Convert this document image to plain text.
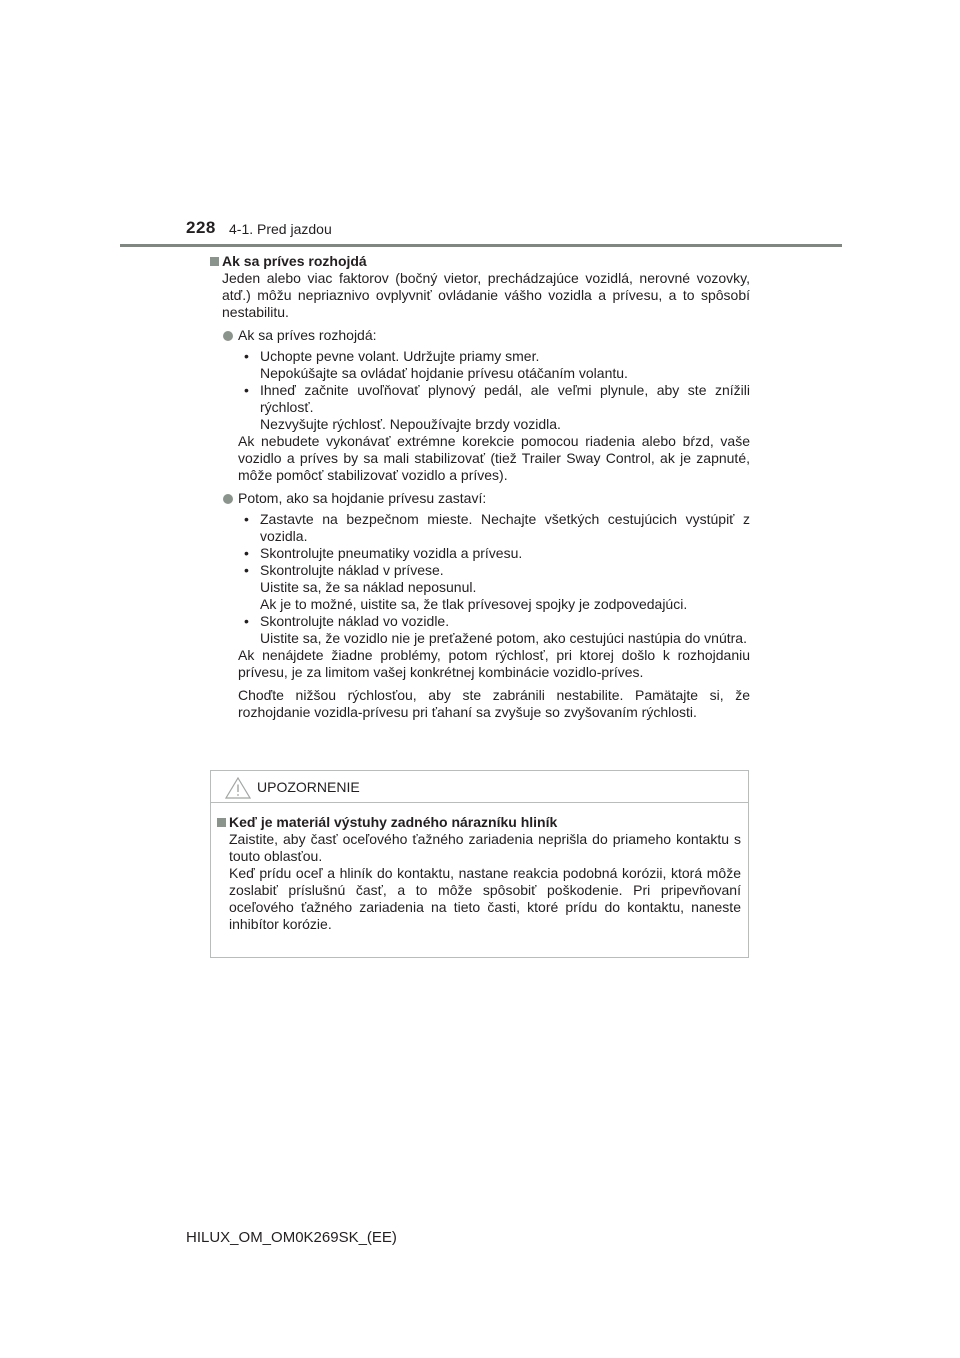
228 4-1. Pred jazdou
Ak sa príves rozhojdá
Jeden alebo viac faktorov (bočný vietor, prechádzajúce vozidlá, nerovné vozovky, atď.) môžu nepriaznivo ovplyvniť ovládanie vášho vozidla a prívesu, a to spôsobí nestabilitu.
Ak sa príves rozhojdá:
• Uchopte pevne volant. Udržujte priamy smer.
Nepokúšajte sa ovládať hojdanie prívesu otáčaním volantu.
• Ihneď začnite uvoľňovať plynový pedál, ale veľmi plynule, aby ste znížili rýchlosť.
Nezvyšujte rýchlosť. Nepoužívajte brzdy vozidla.
Ak nebudete vykonávať extrémne korekcie pomocou riadenia alebo bŕzd, vaše vozidlo a príves by sa mali stabilizovať (tiež Trailer Sway Control, ak je zapnuté, môže pomôcť stabilizovať vozidlo a príves).
Potom, ako sa hojdanie prívesu zastaví:
• Zastavte na bezpečnom mieste. Nechajte všetkých cestujúcich vystúpiť z vozidla.
• Skontrolujte pneumatiky vozidla a prívesu.
• Skontrolujte náklad v prívese.
Uistite sa, že sa náklad neposunul.
Ak je to možné, uistite sa, že tlak prívesovej spojky je zodpovedajúci.
• Skontrolujte náklad vo vozidle.
Uistite sa, že vozidlo nie je preťažené potom, ako cestujúci nastúpia do vnútra.
Ak nenájdete žiadne problémy, potom rýchlosť, pri ktorej došlo k rozhojdaniu prívesu, je za limitom vašej konkrétnej kombinácie vozidlo-príves.
Choďte nižšou rýchlosťou, aby ste zabránili nestabilite. Pamätajte si, že rozhojdanie vozidla-prívesu pri ťahaní sa zvyšuje so zvyšovaním rýchlosti.
UPOZORNENIE
Keď je materiál výstuhy zadného nárazníku hliník
Zaistite, aby časť oceľového ťažného zariadenia neprišla do priameho kontaktu s touto oblasťou.
Keď prídu oceľ a hliník do kontaktu, nastane reakcia podobná korózii, ktorá môže zoslabiť príslušnú časť, a to môže spôsobiť poškodenie. Pri pripevňovaní oceľového ťažného zariadenia na tieto časti, ktoré prídu do kontaktu, naneste inhibítor korózie.
HILUX_OM_OM0K269SK_(EE)
